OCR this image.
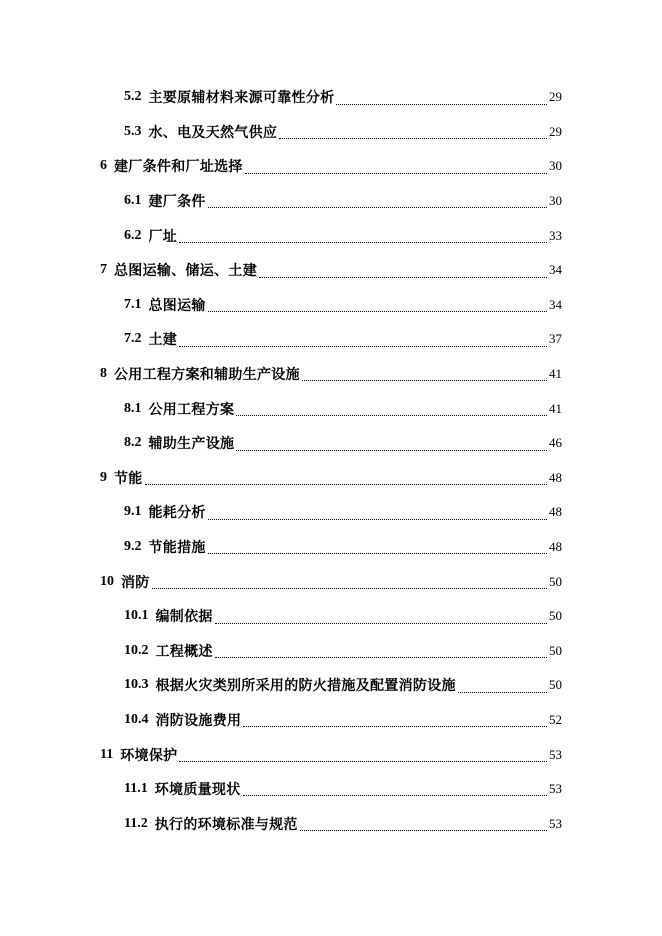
5.2 主要原辅材料来源可靠性分析	29
5.3 水、电及天然气供应	29
6 建厂条件和厂址选择	30
6.1 建厂条件	30
6.2 厂址	33
7 总图运输、储运、土建	34
7.1 总图运输	34
7.2 土建	37
8 公用工程方案和辅助生产设施	41
8.1 公用工程方案	41
8.2 辅助生产设施	46
9 节能	48
9.1 能耗分析	48
9.2 节能措施	48
10 消防	50
10.1 编制依据	50
10.2 工程概述	50
10.3 根据火灾类别所采用的防火措施及配置消防设施	50
10.4 消防设施费用	52
11 环境保护	53
11.1 环境质量现状	53
11.2 执行的环境标准与规范	53
